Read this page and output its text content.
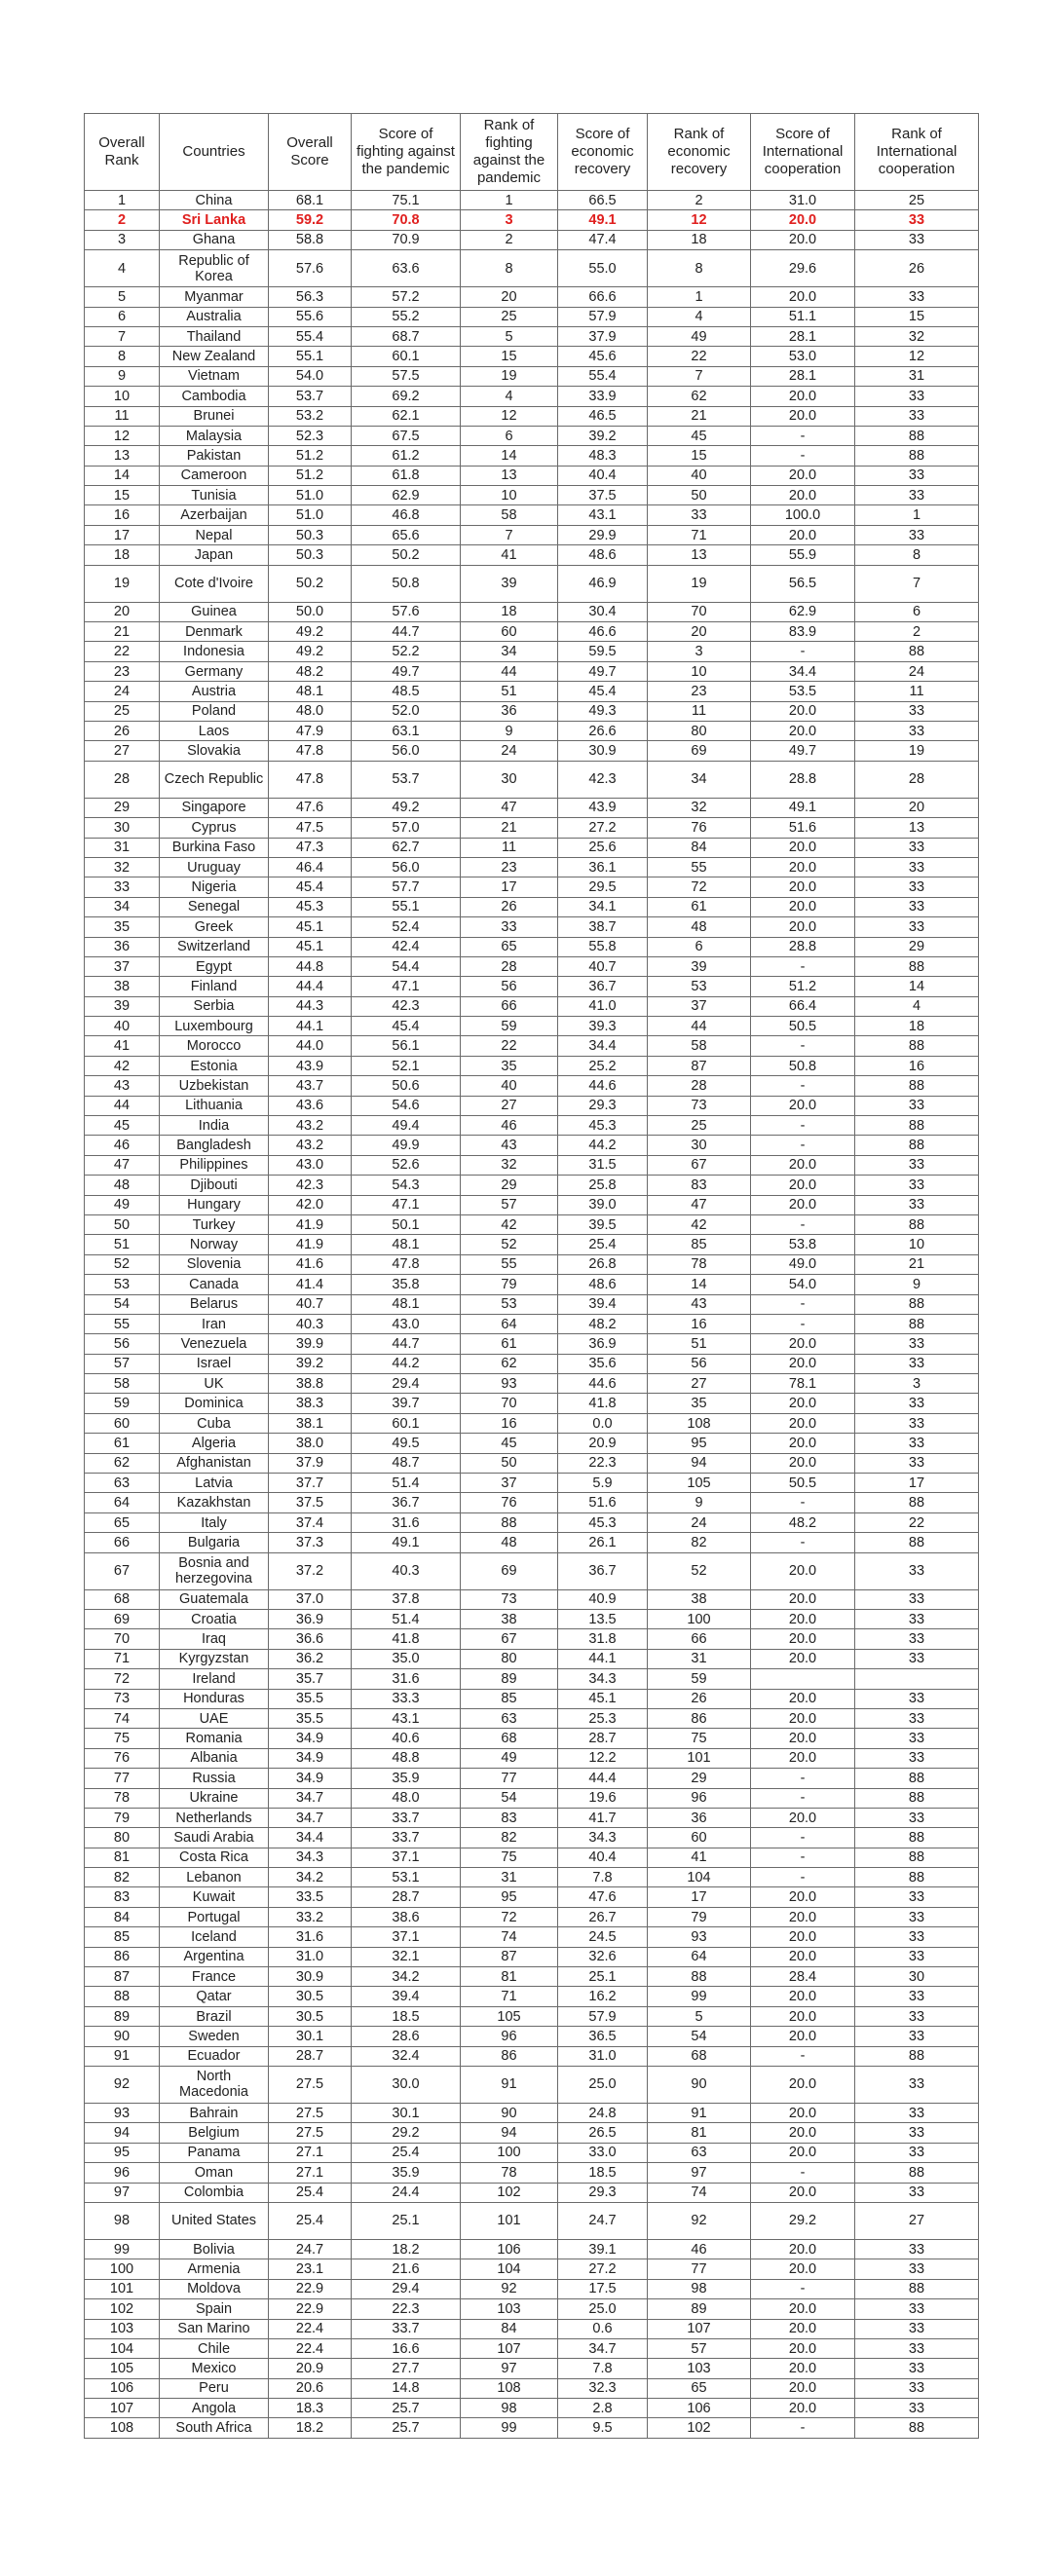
Overall Rank	Countries	Overall Score	Score of fighting against the pandemic	Rank of fighting against the pandemic	Score of economic recovery	Rank of economic recovery	Score of International cooperation	Rank of International cooperation
1	China	68.1	75.1	1	66.5	2	31.0	25
2	Sri Lanka	59.2	70.8	3	49.1	12	20.0	33
3	Ghana	58.8	70.9	2	47.4	18	20.0	33
4	Republic of Korea	57.6	63.6	8	55.0	8	29.6	26
5	Myanmar	56.3	57.2	20	66.6	1	20.0	33
6	Australia	55.6	55.2	25	57.9	4	51.1	15
7	Thailand	55.4	68.7	5	37.9	49	28.1	32
8	New Zealand	55.1	60.1	15	45.6	22	53.0	12
9	Vietnam	54.0	57.5	19	55.4	7	28.1	31
10	Cambodia	53.7	69.2	4	33.9	62	20.0	33
11	Brunei	53.2	62.1	12	46.5	21	20.0	33
12	Malaysia	52.3	67.5	6	39.2	45	-	88
13	Pakistan	51.2	61.2	14	48.3	15	-	88
14	Cameroon	51.2	61.8	13	40.4	40	20.0	33
15	Tunisia	51.0	62.9	10	37.5	50	20.0	33
16	Azerbaijan	51.0	46.8	58	43.1	33	100.0	1
17	Nepal	50.3	65.6	7	29.9	71	20.0	33
18	Japan	50.3	50.2	41	48.6	13	55.9	8
19	Cote d'Ivoire	50.2	50.8	39	46.9	19	56.5	7
20	Guinea	50.0	57.6	18	30.4	70	62.9	6
21	Denmark	49.2	44.7	60	46.6	20	83.9	2
22	Indonesia	49.2	52.2	34	59.5	3	-	88
23	Germany	48.2	49.7	44	49.7	10	34.4	24
24	Austria	48.1	48.5	51	45.4	23	53.5	11
25	Poland	48.0	52.0	36	49.3	11	20.0	33
26	Laos	47.9	63.1	9	26.6	80	20.0	33
27	Slovakia	47.8	56.0	24	30.9	69	49.7	19
28	Czech Republic	47.8	53.7	30	42.3	34	28.8	28
29	Singapore	47.6	49.2	47	43.9	32	49.1	20
30	Cyprus	47.5	57.0	21	27.2	76	51.6	13
31	Burkina Faso	47.3	62.7	11	25.6	84	20.0	33
32	Uruguay	46.4	56.0	23	36.1	55	20.0	33
33	Nigeria	45.4	57.7	17	29.5	72	20.0	33
34	Senegal	45.3	55.1	26	34.1	61	20.0	33
35	Greek	45.1	52.4	33	38.7	48	20.0	33
36	Switzerland	45.1	42.4	65	55.8	6	28.8	29
37	Egypt	44.8	54.4	28	40.7	39	-	88
38	Finland	44.4	47.1	56	36.7	53	51.2	14
39	Serbia	44.3	42.3	66	41.0	37	66.4	4
40	Luxembourg	44.1	45.4	59	39.3	44	50.5	18
41	Morocco	44.0	56.1	22	34.4	58	-	88
42	Estonia	43.9	52.1	35	25.2	87	50.8	16
43	Uzbekistan	43.7	50.6	40	44.6	28	-	88
44	Lithuania	43.6	54.6	27	29.3	73	20.0	33
45	India	43.2	49.4	46	45.3	25	-	88
46	Bangladesh	43.2	49.9	43	44.2	30	-	88
47	Philippines	43.0	52.6	32	31.5	67	20.0	33
48	Djibouti	42.3	54.3	29	25.8	83	20.0	33
49	Hungary	42.0	47.1	57	39.0	47	20.0	33
50	Turkey	41.9	50.1	42	39.5	42	-	88
51	Norway	41.9	48.1	52	25.4	85	53.8	10
52	Slovenia	41.6	47.8	55	26.8	78	49.0	21
53	Canada	41.4	35.8	79	48.6	14	54.0	9
54	Belarus	40.7	48.1	53	39.4	43	-	88
55	Iran	40.3	43.0	64	48.2	16	-	88
56	Venezuela	39.9	44.7	61	36.9	51	20.0	33
57	Israel	39.2	44.2	62	35.6	56	20.0	33
58	UK	38.8	29.4	93	44.6	27	78.1	3
59	Dominica	38.3	39.7	70	41.8	35	20.0	33
60	Cuba	38.1	60.1	16	0.0	108	20.0	33
61	Algeria	38.0	49.5	45	20.9	95	20.0	33
62	Afghanistan	37.9	48.7	50	22.3	94	20.0	33
63	Latvia	37.7	51.4	37	5.9	105	50.5	17
64	Kazakhstan	37.5	36.7	76	51.6	9	-	88
65	Italy	37.4	31.6	88	45.3	24	48.2	22
66	Bulgaria	37.3	49.1	48	26.1	82	-	88
67	Bosnia and herzegovina	37.2	40.3	69	36.7	52	20.0	33
68	Guatemala	37.0	37.8	73	40.9	38	20.0	33
69	Croatia	36.9	51.4	38	13.5	100	20.0	33
70	Iraq	36.6	41.8	67	31.8	66	20.0	33
71	Kyrgyzstan	36.2	35.0	80	44.1	31	20.0	33
72	Ireland	35.7	31.6	89	34.3	59		
73	Honduras	35.5	33.3	85	45.1	26	20.0	33
74	UAE	35.5	43.1	63	25.3	86	20.0	33
75	Romania	34.9	40.6	68	28.7	75	20.0	33
76	Albania	34.9	48.8	49	12.2	101	20.0	33
77	Russia	34.9	35.9	77	44.4	29	-	88
78	Ukraine	34.7	48.0	54	19.6	96	-	88
79	Netherlands	34.7	33.7	83	41.7	36	20.0	33
80	Saudi Arabia	34.4	33.7	82	34.3	60	-	88
81	Costa Rica	34.3	37.1	75	40.4	41	-	88
82	Lebanon	34.2	53.1	31	7.8	104	-	88
83	Kuwait	33.5	28.7	95	47.6	17	20.0	33
84	Portugal	33.2	38.6	72	26.7	79	20.0	33
85	Iceland	31.6	37.1	74	24.5	93	20.0	33
86	Argentina	31.0	32.1	87	32.6	64	20.0	33
87	France	30.9	34.2	81	25.1	88	28.4	30
88	Qatar	30.5	39.4	71	16.2	99	20.0	33
89	Brazil	30.5	18.5	105	57.9	5	20.0	33
90	Sweden	30.1	28.6	96	36.5	54	20.0	33
91	Ecuador	28.7	32.4	86	31.0	68	-	88
92	North Macedonia	27.5	30.0	91	25.0	90	20.0	33
93	Bahrain	27.5	30.1	90	24.8	91	20.0	33
94	Belgium	27.5	29.2	94	26.5	81	20.0	33
95	Panama	27.1	25.4	100	33.0	63	20.0	33
96	Oman	27.1	35.9	78	18.5	97	-	88
97	Colombia	25.4	24.4	102	29.3	74	20.0	33
98	United States	25.4	25.1	101	24.7	92	29.2	27
99	Bolivia	24.7	18.2	106	39.1	46	20.0	33
100	Armenia	23.1	21.6	104	27.2	77	20.0	33
101	Moldova	22.9	29.4	92	17.5	98	-	88
102	Spain	22.9	22.3	103	25.0	89	20.0	33
103	San Marino	22.4	33.7	84	0.6	107	20.0	33
104	Chile	22.4	16.6	107	34.7	57	20.0	33
105	Mexico	20.9	27.7	97	7.8	103	20.0	33
106	Peru	20.6	14.8	108	32.3	65	20.0	33
107	Angola	18.3	25.7	98	2.8	106	20.0	33
108	South Africa	18.2	25.7	99	9.5	102	-	88
